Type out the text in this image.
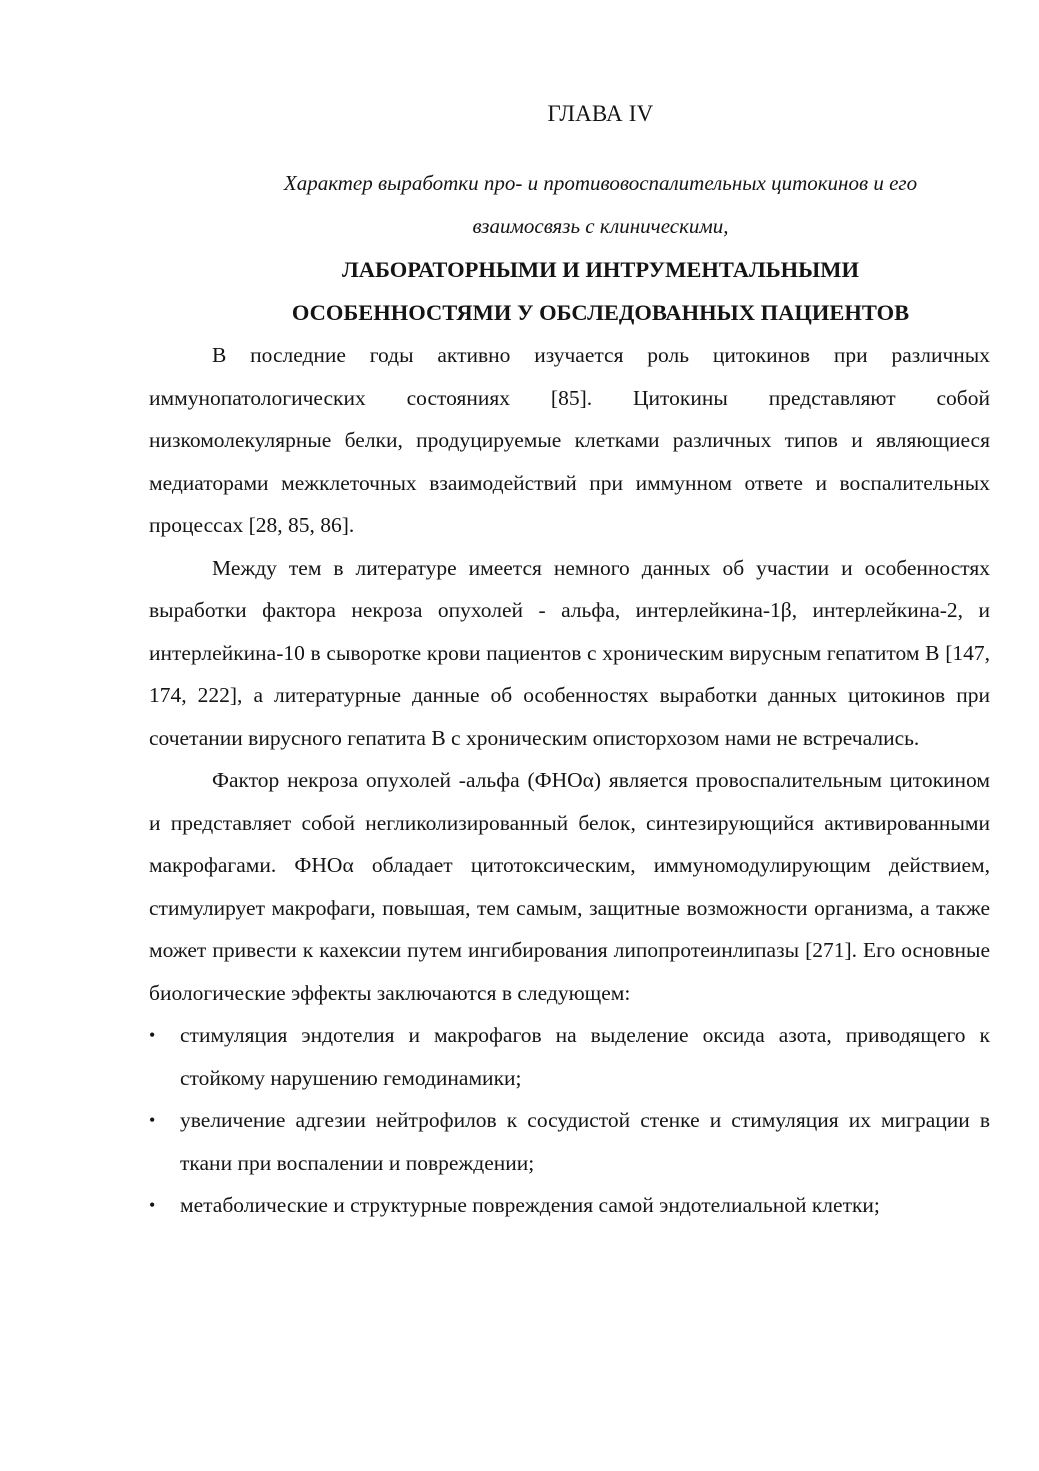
ГЛАВА IV
Характер выработки про- и противовоспалительных цитокинов и его
взаимосвязь с клиническими,
ЛАБОРАТОРНЫМИ И ИНТРУМЕНТАЛЬНЫМИ
ОСОБЕННОСТЯМИ У ОБСЛЕДОВАННЫХ ПАЦИЕНТОВ

В последние годы активно изучается роль цитокинов при различных иммунопатологических состояниях [85]. Цитокины представляют собой низкомолекулярные белки, продуцируемые клетками различных типов и являющиеся медиаторами межклеточных взаимодействий при иммунном ответе и воспалительных процессах [28, 85, 86].

Между тем в литературе имеется немного данных об участии и особенностях выработки фактора некроза опухолей - альфа, интерлейкина-1β, интерлейкина-2, и интерлейкина-10 в сыворотке крови пациентов с хроническим вирусным гепатитом В [147, 174, 222], а литературные данные об особенностях выработки данных цитокинов при сочетании вирусного гепатита В с хроническим описторхозом нами не встречались.

Фактор некроза опухолей -альфа (ФНОα) является провоспалительным цитокином и представляет собой негликолизированный белок, синтезирующийся активированными макрофагами. ФНОα обладает цитотоксическим, иммуномодулирующим действием, стимулирует макрофаги, повышая, тем самым, защитные возможности организма, а также может привести к кахексии путем ингибирования липопротеинлипазы [271]. Его основные биологические эффекты заключаются в следующем:

•	стимуляция эндотелия и макрофагов на выделение оксида азота, приводящего к стойкому нарушению гемодинамики;
•	увеличение адгезии нейтрофилов к сосудистой стенке и стимуляция их миграции в ткани при воспалении и повреждении;
•	метаболические и структурные повреждения самой эндотелиальной клетки;
